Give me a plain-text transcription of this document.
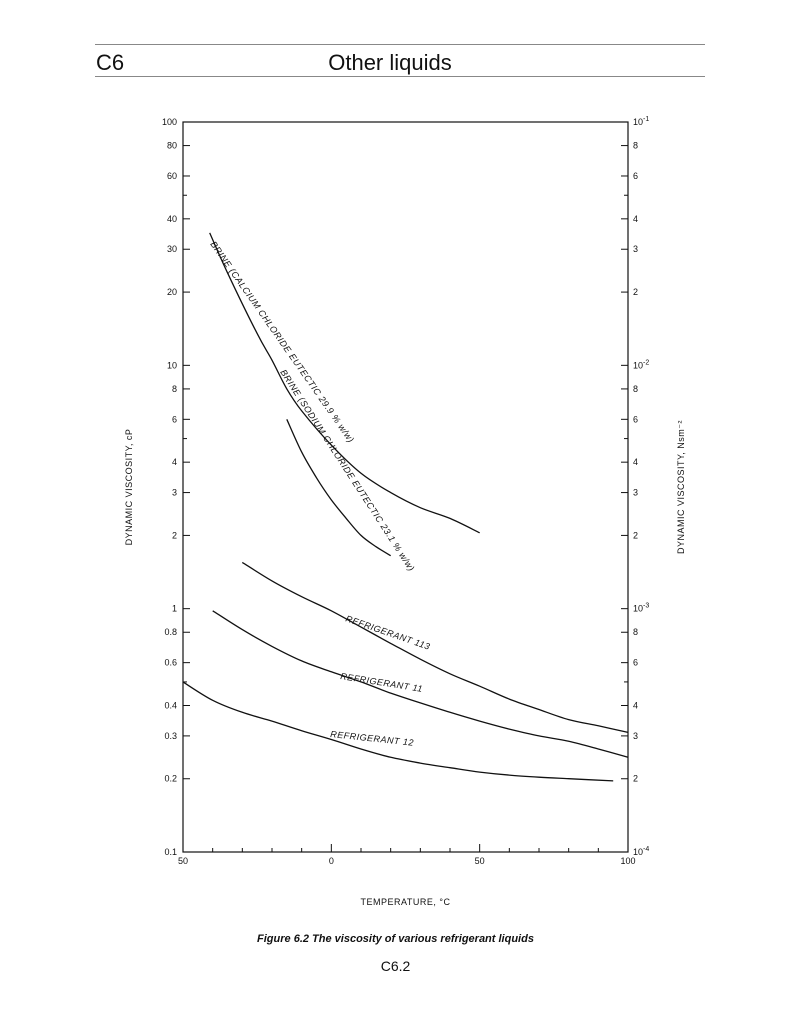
C6	Other liquids
50	0	50	100
100
80
60
40
30
20
10
8
6
4
3
2
1
0.8
0.6
0.4
0.3
0.2
0.1
$10^{-1}$
8
6
4
3
2
$10^{-2}$
8
6
4
3
2
$10^{-3}$
8
6
4
3
2
$10^{-4}$
BRINE (CALCIUM CHLORIDE EUTECTIC 29.9 % w/w)
BRINE (SODIUM CHLORIDE EUTECTIC 23.1 % w/w)
REFRIGERANT 113
REFRIGERANT 11
REFRIGERANT 12
TEMPERATURE, °C
DYNAMIC VISCOSITY, cP	DYNAMIC VISCOSITY, Nsm⁻²
Figure 6.2 The viscosity of various refrigerant liquids
C6.2
